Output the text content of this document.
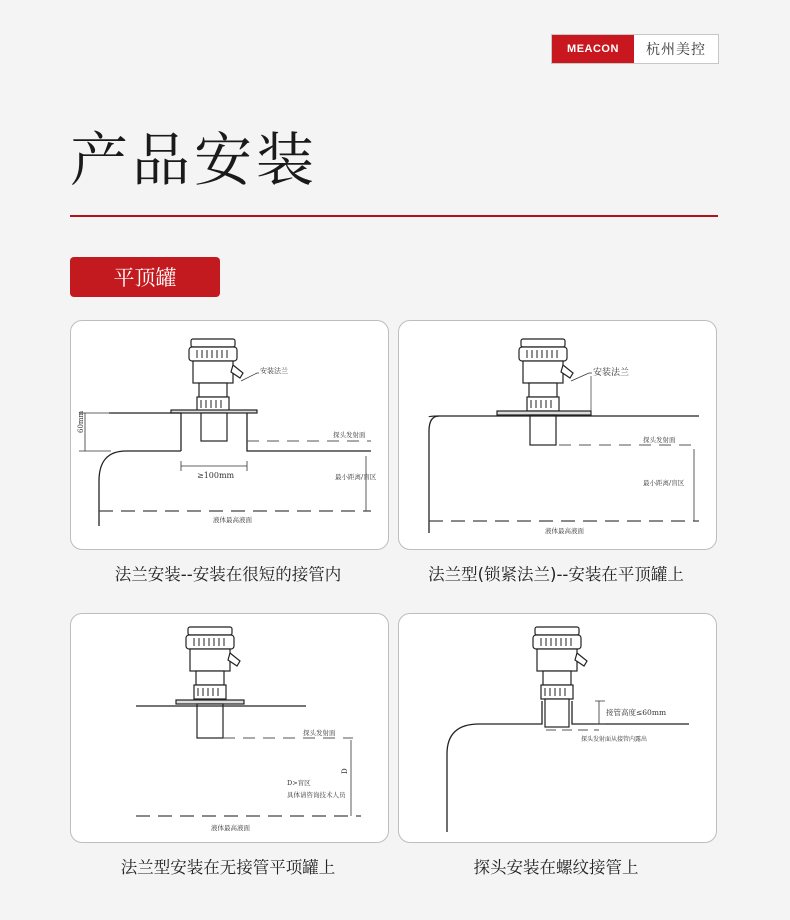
MEACON	杭州美控
产品安装
平顶罐
60mm
≥100mm
安装法兰
探头发射面
最小距离/盲区
液体最高液面
法兰安装--安装在很短的接管内
安装法兰
探头发射面
最小距离/盲区
液体最高液面
法兰型(锁紧法兰)--安装在平顶罐上
探头发射面
D
D>盲区
具体请咨询技术人员
液体最高液面
法兰型安装在无接管平项罐上
接管高度≤60mm
探头发射面从接管内露出
探头安装在螺纹接管上
